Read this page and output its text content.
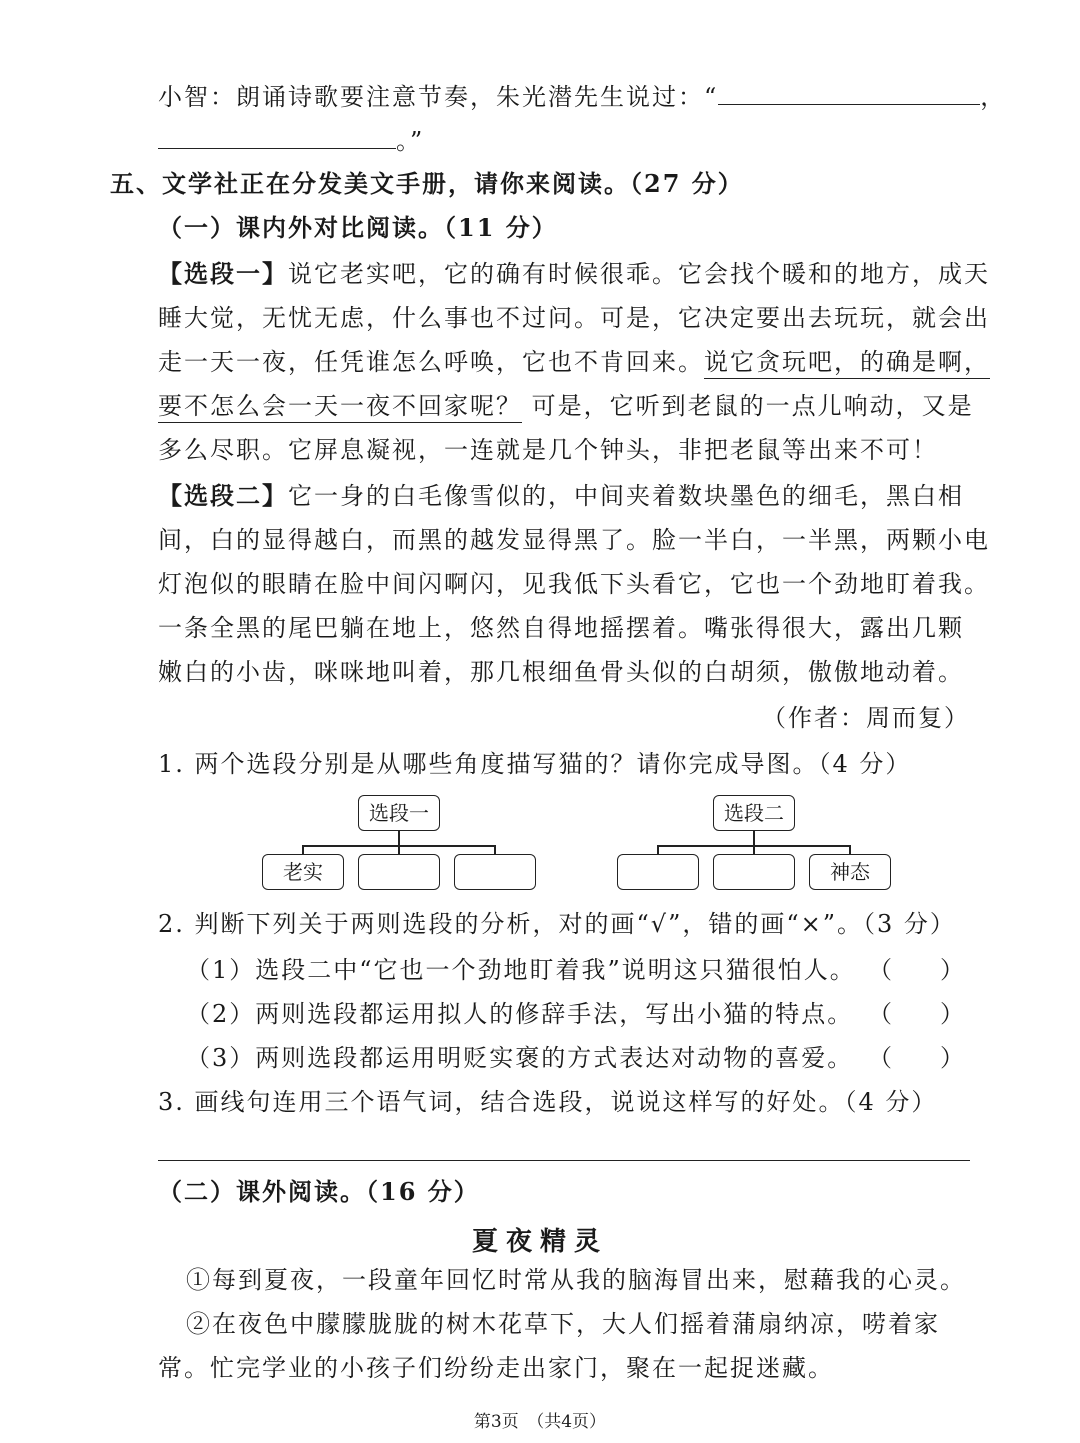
小智：朗诵诗歌要注意节奏，朱光潜先生说过：“	，
。”
五、文学社正在分发美文手册，请你来阅读。（27 分）
（一）课内外对比阅读。（11 分）
【选段一】说它老实吧，它的确有时候很乖。它会找个暖和的地方，成天
睡大觉，无忧无虑，什么事也不过问。可是，它决定要出去玩玩，就会出
走一天一夜，任凭谁怎么呼唤，它也不肯回来。说它贪玩吧，的确是啊，
要不怎么会一天一夜不回家呢？ 可是，它听到老鼠的一点儿响动，又是
多么尽职。它屏息凝视，一连就是几个钟头，非把老鼠等出来不可！
【选段二】它一身的白毛像雪似的，中间夹着数块墨色的细毛，黑白相
间，白的显得越白，而黑的越发显得黑了。脸一半白，一半黑，两颗小电
灯泡似的眼睛在脸中间闪啊闪，见我低下头看它，它也一个劲地盯着我。
一条全黑的尾巴躺在地上，悠然自得地摇摆着。嘴张得很大，露出几颗
嫩白的小齿，咪咪地叫着，那几根细鱼骨头似的白胡须，傲傲地动着。
（作者：周而复）
1. 两个选段分别是从哪些角度描写猫的？请你完成导图。（4 分）
选段一
老实
选段二
神态
2. 判断下列关于两则选段的分析，对的画“√”，错的画“×”。（3 分）
（1）选段二中“它也一个劲地盯着我”说明这只猫很怕人。 （　　）
（2）两则选段都运用拟人的修辞手法，写出小猫的特点。 （　　）
（3）两则选段都运用明贬实褒的方式表达对动物的喜爱。 （　　）
3. 画线句连用三个语气词，结合选段，说说这样写的好处。（4 分）
（二）课外阅读。（16 分）
夏夜精灵
①每到夏夜，一段童年回忆时常从我的脑海冒出来，慰藉我的心灵。
②在夜色中朦朦胧胧的树木花草下，大人们摇着蒲扇纳凉，唠着家
常。忙完学业的小孩子们纷纷走出家门，聚在一起捉迷藏。
第3页　（共4页）
